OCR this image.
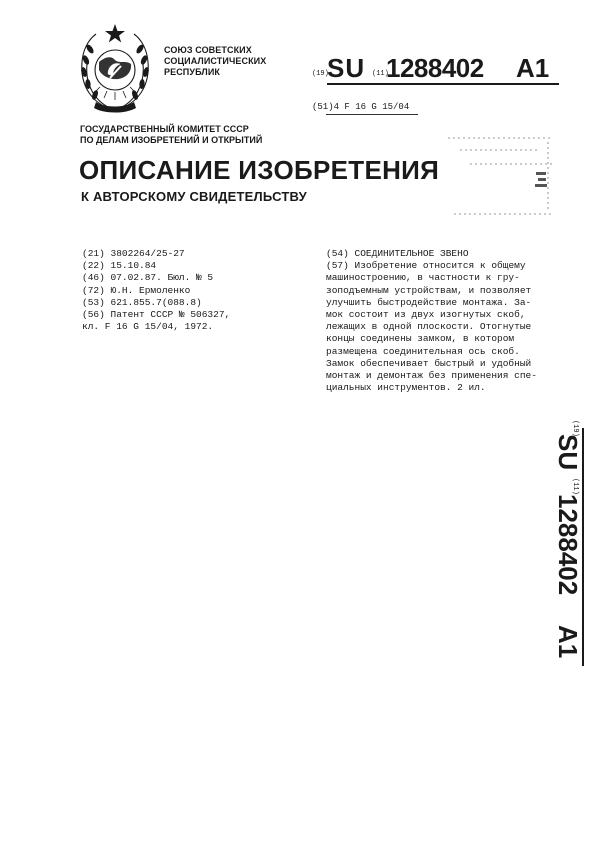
СОЮЗ СОВЕТСКИХ
СОЦИАЛИСТИЧЕСКИХ
РЕСПУБЛИК	(19)
SU (11)
1288402 A1
(51)4 F 16 G 15/04
ГОСУДАРСТВЕННЫЙ КОМИТЕТ СССР
ПО ДЕЛАМ ИЗОБРЕТЕНИЙ И ОТКРЫТИЙ
ОПИСАНИЕ ИЗОБРЕТЕНИЯ
К АВТОРСКОМУ СВИДЕТЕЛЬСТВУ
(21) 3802264/25-27
(22) 15.10.84
(46) 07.02.87. Бюл. № 5
(72) Ю.Н. Ермоленко
(53) 621.855.7(088.8)
(56) Патент СССР № 506327,
кл. F 16 G 15/04, 1972.
(54) СОЕДИНИТЕЛЬНОЕ ЗВЕНО
(57) Изобретение относится к общему
машиностроению, в частности к гру-
зоподъемным устройствам, и позволяет
улучшить быстродействие монтажа. За-
мок состоит из двух изогнутых скоб,
лежащих в одной плоскости. Отогнутые
концы соединены замком, в котором
размещена соединительная ось скоб.
Замок обеспечивает быстрый и удобный
монтаж и демонтаж без применения спе-
циальных инструментов. 2 ил.
(19)
SU
(11)
1288402
A1
